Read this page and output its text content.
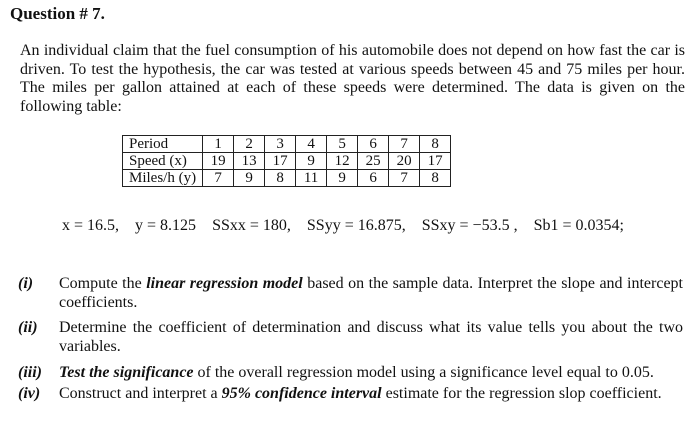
Question # 7.
An individual claim that the fuel consumption of his automobile does not depend on how fast the car is driven. To test the hypothesis, the car was tested at various speeds between 45 and 75 miles per hour. The miles per gallon attained at each of these speeds were determined. The data is given on the following table:
Period	1	2	3	4	5	6	7	8
Speed (x)	19	13	17	9	12	25	20	17
Miles/h (y)	7	9	8	11	9	6	7	8
x = 16.5, y = 8.125 SSxx = 180, SSyy = 16.875, SSxy = −53.5 , Sb1 = 0.0354;
(i) Compute the linear regression model based on the sample data. Interpret the slope and intercept coefficients.
(ii) Determine the coefficient of determination and discuss what its value tells you about the two variables.
(iii) Test the significance of the overall regression model using a significance level equal to 0.05.
(iv) Construct and interpret a 95% confidence interval estimate for the regression slop coefficient.
